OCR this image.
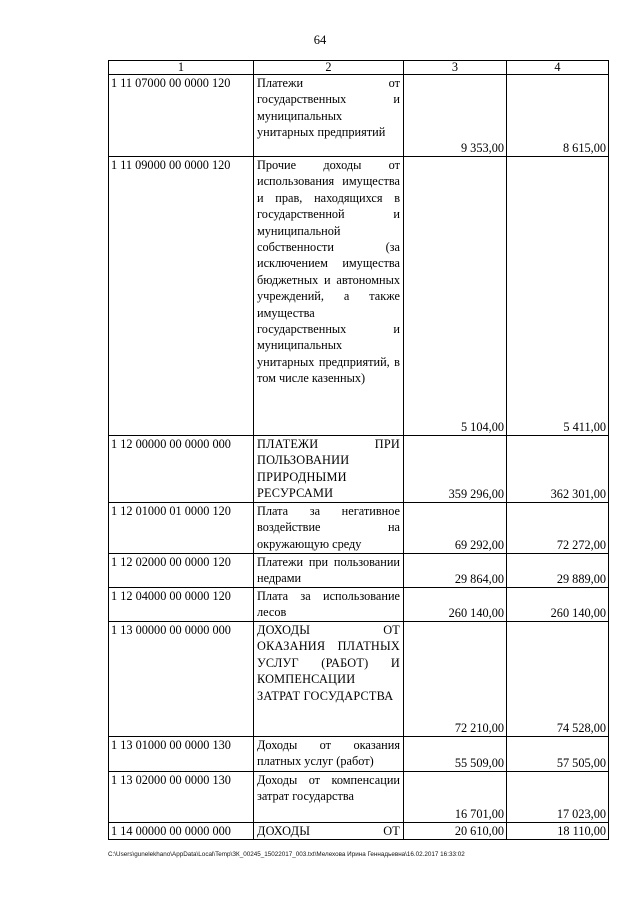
64
1	2	3	4
1 11 07000 00 0000 120	Платежи от государственных и муниципальных унитарных предприятий	9 353,00	8 615,00
1 11 09000 00 0000 120	Прочие доходы от использования имущества и прав, находящихся в государственной и муниципальной собственности (за исключением имущества бюджетных и автономных учреждений, а также имущества государственных и муниципальных унитарных предприятий, в том числе казенных)	5 104,00	5 411,00
1 12 00000 00 0000 000	ПЛАТЕЖИ ПРИ ПОЛЬЗОВАНИИ ПРИРОДНЫМИ РЕСУРСАМИ	359 296,00	362 301,00
1 12 01000 01 0000 120	Плата за негативное воздействие на окружающую среду	69 292,00	72 272,00
1 12 02000 00 0000 120	Платежи при пользовании недрами	29 864,00	29 889,00
1 12 04000 00 0000 120	Плата за использование лесов	260 140,00	260 140,00
1 13 00000 00 0000 000	ДОХОДЫ ОТ ОКАЗАНИЯ ПЛАТНЫХ УСЛУГ (РАБОТ) И КОМПЕНСАЦИИ ЗАТРАТ ГОСУДАРСТВА	72 210,00	74 528,00
1 13 01000 00 0000 130	Доходы от оказания платных услуг (работ)	55 509,00	57 505,00
1 13 02000 00 0000 130	Доходы от компенсации затрат государства	16 701,00	17 023,00
1 14 00000 00 0000 000	ДОХОДЫ ОТ	20 610,00	18 110,00
C:\Users\gunelekhano\AppData\Local\Temp\ЗК_00245_15022017_003.txt\Мелехова Ирина Геннадьевна\16.02.2017 16:33:02
